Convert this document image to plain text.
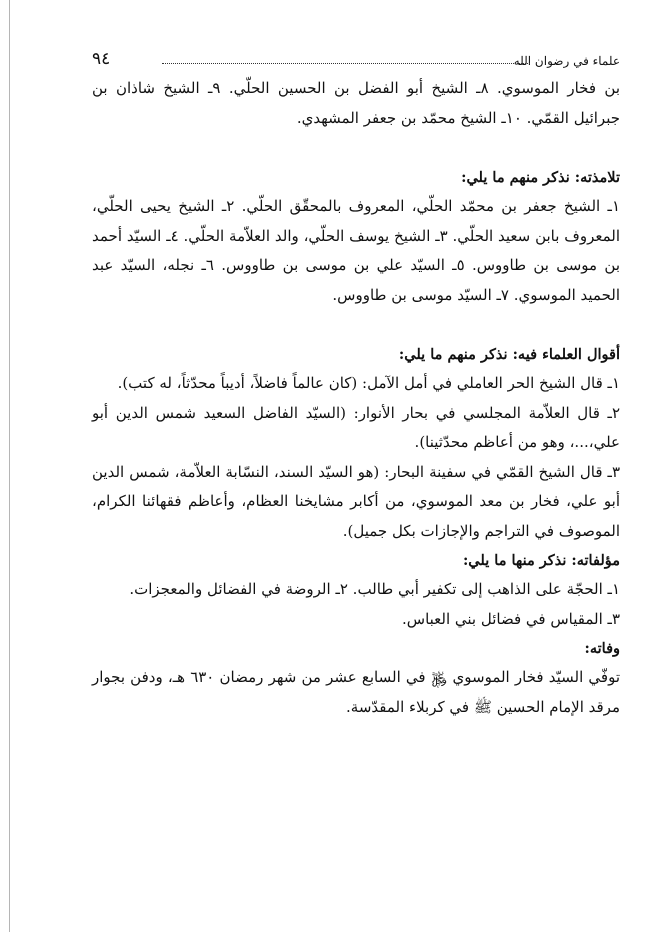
علماء في رضوان الله
٩٤

بن فخار الموسوي. ٨ـ الشيخ أبو الفضل بن الحسين الحلّي. ٩ـ الشيخ شاذان بن جبرائيل القمّي. ١٠ـ الشيخ محمّد بن جعفر المشهدي.

تلامذته: نذكر منهم ما يلي:

١ـ الشيخ جعفر بن محمّد الحلّي، المعروف بالمحقّق الحلّي. ٢ـ الشيخ يحيى الحلّي، المعروف بابن سعيد الحلّي. ٣ـ الشيخ يوسف الحلّي، والد العلاّمة الحلّي. ٤ـ السيّد أحمد بن موسى بن طاووس. ٥ـ السيّد علي بن موسى بن طاووس. ٦ـ نجله، السيّد عبد الحميد الموسوي. ٧ـ السيّد موسى بن طاووس.

أقوال العلماء فيه: نذكر منهم ما يلي:

١ـ قال الشيخ الحر العاملي في أمل الآمل: (كان عالماً فاضلاً، أديباً محدّثاً، له كتب).

٢ـ قال العلاّمة المجلسي في بحار الأنوار: (السيّد الفاضل السعيد شمس الدين أبو علي،...، وهو من أعاظم محدّثينا).

٣ـ قال الشيخ القمّي في سفينة البحار: (هو السيّد السند، النسّابة العلاّمة، شمس الدين أبو علي، فخار بن معد الموسوي، من أكابر مشايخنا العظام، وأعاظم فقهائنا الكرام، الموصوف في التراجم والإجازات بكل جميل).

مؤلفاته: نذكر منها ما يلي:

١ـ الحجّة على الذاهب إلى تكفير أبي طالب. ٢ـ الروضة في الفضائل والمعجزات.

٣ـ المقياس في فضائل بني العباس.

وفاته:

توفّي السيّد فخار الموسوي ﷿ في السابع عشر من شهر رمضان ٦٣٠ هـ، ودفن بجوار مرقد الإمام الحسين ﷺ في كربلاء المقدّسة.
